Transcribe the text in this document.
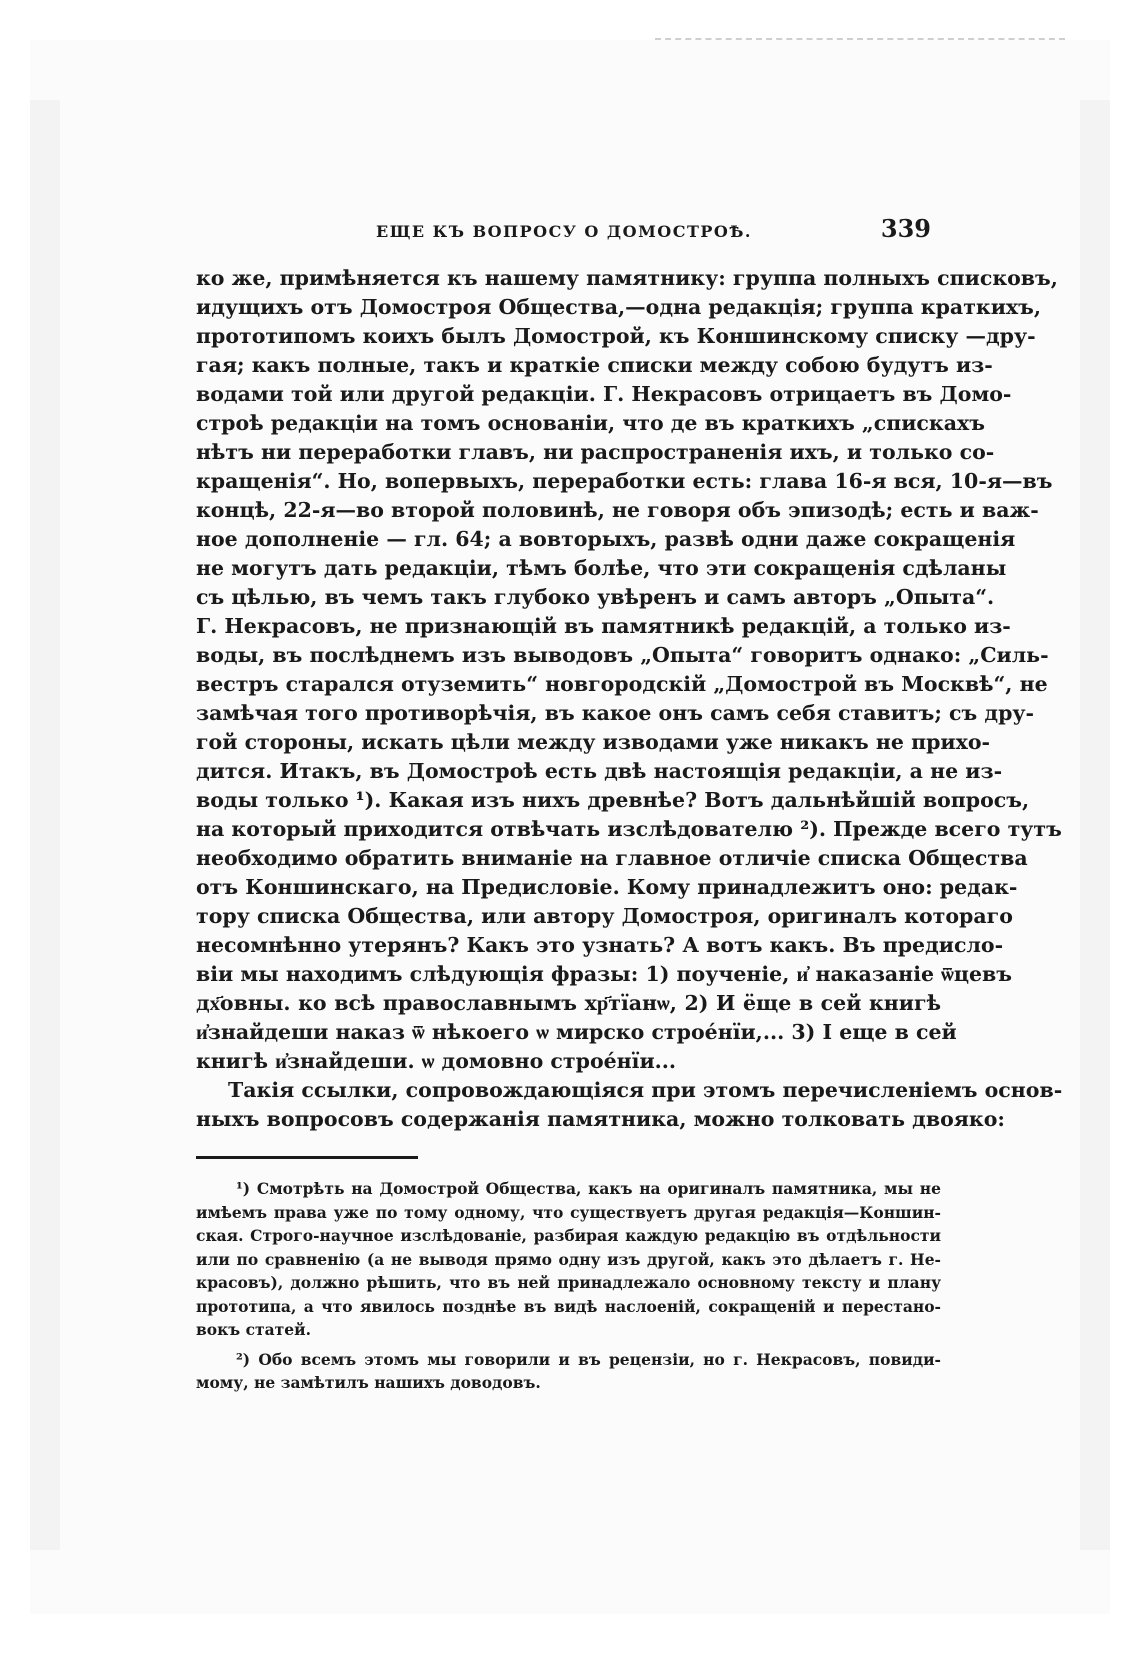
ЕЩЕ КЪ ВОПРОСУ О ДОМОСТРОѢ.	339
ко же, примѣняется къ нашему памятнику: группа полныхъ списковъ,
идущихъ отъ Домостроя Общества,—одна редакція; группа краткихъ,
прототипомъ коихъ былъ Домострой, къ Коншинскому списку —дру-
гая; какъ полные, такъ и краткіе списки между собою будутъ из-
водами той или другой редакціи. Г. Некрасовъ отрицаетъ въ Домо-
строѣ редакціи на томъ основаніи, что де въ краткихъ „спискахъ
нѣтъ ни переработки главъ, ни распространенія ихъ, и только со-
кращенія“. Но, вопервыхъ, переработки есть: глава 16-я вся, 10-я—въ
концѣ, 22-я—во второй половинѣ, не говоря объ эпизодѣ; есть и важ-
ное дополненіе — гл. 64; а вовторыхъ, развѣ одни даже сокращенія
не могутъ дать редакціи, тѣмъ болѣе, что эти сокращенія сдѣланы
съ цѣлью, въ чемъ такъ глубоко увѣренъ и самъ авторъ „Опыта“.
Г. Некрасовъ, не признающій въ памятникѣ редакцій, а только из-
воды, въ послѣднемъ изъ выводовъ „Опыта“ говоритъ однако: „Силь-
вестръ старался отуземить“ новгородскій „Домострой въ Москвѣ“, не
замѣчая того противорѣчія, въ какое онъ самъ себя ставитъ; съ дру-
гой стороны, искать цѣли между изводами уже никакъ не прихо-
дится. Итакъ, въ Домостроѣ есть двѣ настоящія редакціи, а не из-
воды только ¹). Какая изъ нихъ древнѣе? Вотъ дальнѣйшій вопросъ,
на который приходится отвѣчать изслѣдователю ²). Прежде всего тутъ
необходимо обратить вниманіе на главное отличіе списка Общества
отъ Коншинскаго, на Предисловіе. Кому принадлежитъ оно: редак-
тору списка Общества, или автору Домостроя, оригиналъ котораго
несомнѣнно утерянъ? Какъ это узнать? А вотъ какъ. Въ предисло-
віи мы находимъ слѣдующія фразы: 1) поученіе, и҆ наказаніе ѿцевъ
дх҃овны. ко всѣ православнымъ хр҃тїанѡ, 2) И ёще в сей книгѣ
и҆знайдеши наказ ѿ нѣкоего ѡ мирско строе́нїи,... 3) І еще в сей
книгѣ и҆знайдеши. ѡ домовно строе́нїи...
Такія ссылки, сопровождающіяся при этомъ перечисленіемъ основ-
ныхъ вопросовъ содержанія памятника, можно толковать двояко:
¹) Смотрѣть на Домострой Общества, какъ на оригиналъ памятника, мы не
имѣемъ права уже по тому одному, что существуетъ другая редакція—Коншин-
ская. Строго-научное изслѣдованіе, разбирая каждую редакцію въ отдѣльности
или по сравненію (а не выводя прямо одну изъ другой, какъ это дѣлаетъ г. Не-
красовъ), должно рѣшить, что въ ней принадлежало основному тексту и плану
прототипа, а что явилось позднѣе въ видѣ наслоеній, сокращеній и перестано-
вокъ статей.
²) Обо всемъ этомъ мы говорили и въ рецензіи, но г. Некрасовъ, повиди-
мому, не замѣтилъ нашихъ доводовъ.
